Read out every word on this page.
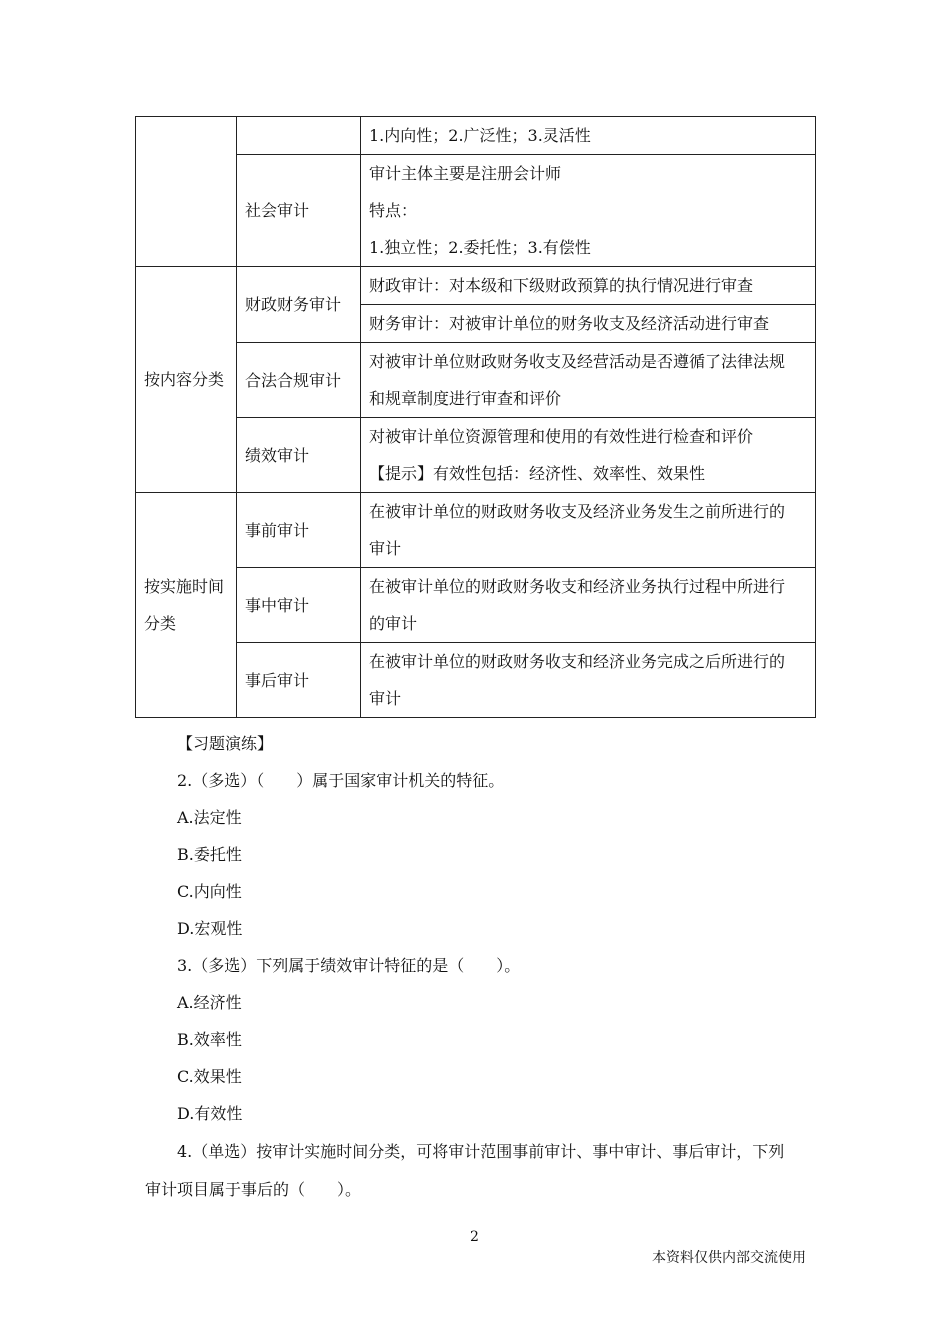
		1.内向性；2.广泛性；3.灵活性

	社会审计	审计主体主要是注册会计师
特点：
1.独立性；2.委托性；3.有偿性

按内容分类	财政财务审计	财政审计：对本级和下级财政预算的执行情况进行审查

		财务审计：对被审计单位的财务收支及经济活动进行审查

	合法合规审计	对被审计单位财政财务收支及经营活动是否遵循了法律法规
和规章制度进行审查和评价

	绩效审计	对被审计单位资源管理和使用的有效性进行检查和评价
【提示】有效性包括：经济性、效率性、效果性

按实施时间
分类	事前审计	在被审计单位的财政财务收支及经济业务发生之前所进行的
审计

	事中审计	在被审计单位的财政财务收支和经济业务执行过程中所进行
的审计

	事后审计	在被审计单位的财政财务收支和经济业务完成之后所进行的
审计
【习题演练】
2.（多选）（　　）属于国家审计机关的特征。
A.法定性
B.委托性
C.内向性
D.宏观性
3.（多选）下列属于绩效审计特征的是（　　）。
A.经济性
B.效率性
C.效果性
D.有效性
4.（单选）按审计实施时间分类，可将审计范围事前审计、事中审计、事后审计，下列
审计项目属于事后的（　　）。
2
本资料仅供内部交流使用
